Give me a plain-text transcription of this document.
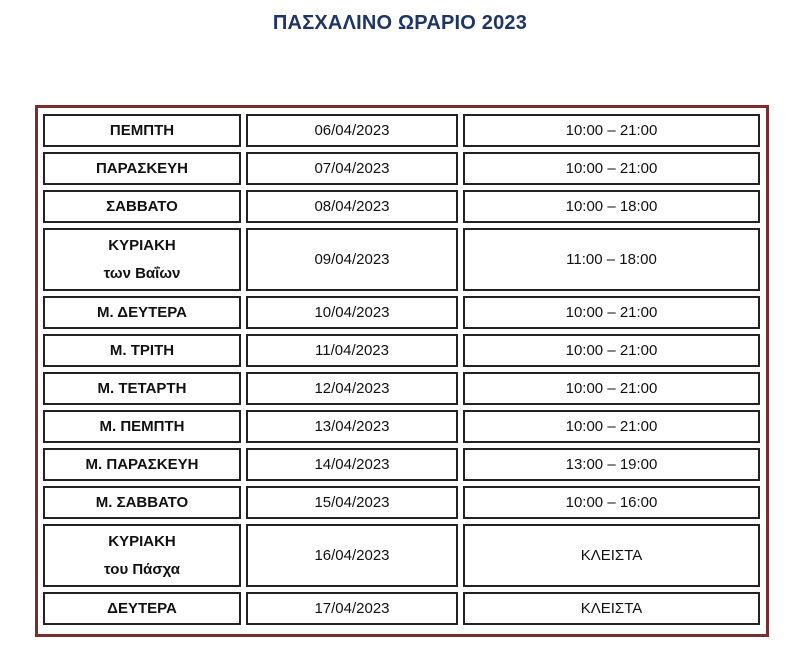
ΠΑΣΧΑΛΙΝΟ ΩΡΑΡΙΟ 2023
ΠΕΜΠΤΗ	06/04/2023	10:00 – 21:00

ΠΑΡΑΣΚΕΥΗ	07/04/2023	10:00 – 21:00

ΣΑΒΒΑΤΟ	08/04/2023	10:00 – 18:00

ΚΥΡΙΑΚΗ
των Βαΐων	09/04/2023	11:00 – 18:00

Μ. ΔΕΥΤΕΡΑ	10/04/2023	10:00 – 21:00

Μ. ΤΡΙΤΗ	11/04/2023	10:00 – 21:00

Μ. ΤΕΤΑΡΤΗ	12/04/2023	10:00 – 21:00

Μ. ΠΕΜΠΤΗ	13/04/2023	10:00 – 21:00

Μ. ΠΑΡΑΣΚΕΥΗ	14/04/2023	13:00 – 19:00

Μ. ΣΑΒΒΑΤΟ	15/04/2023	10:00 – 16:00

ΚΥΡΙΑΚΗ
του Πάσχα	16/04/2023	ΚΛΕΙΣΤΑ

ΔΕΥΤΕΡΑ	17/04/2023	ΚΛΕΙΣΤΑ
